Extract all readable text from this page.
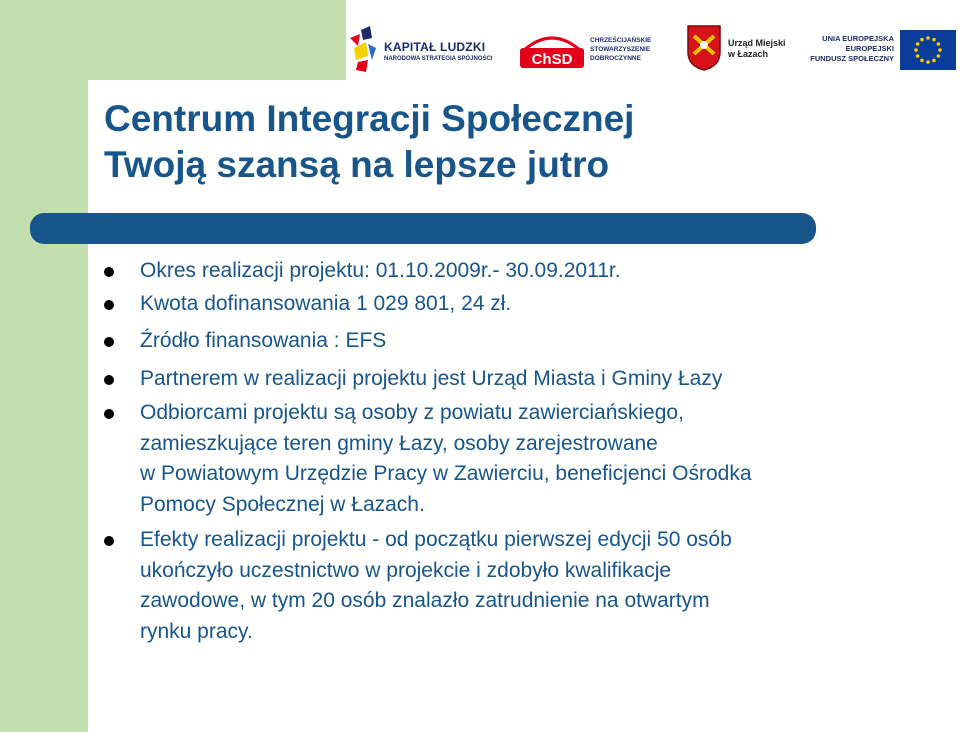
KAPITAŁ LUDZKI
NARODOWA STRATEGIA SPÓJNOŚCI	ChSD
CHRZEŚCIJAŃSKIE
STOWARZYSZENIE
DOBROCZYNNE
Urząd Miejski
w Łazach
UNIA EUROPEJSKA
EUROPEJSKI
FUNDUSZ SPOŁECZNY
Centrum Integracji Społecznej
Twoją szansą na lepsze jutro
Okres realizacji projektu: 01.10.2009r.- 30.09.2011r.
Kwota dofinansowania 1 029 801, 24 zł.
Źródło finansowania : EFS
Partnerem w realizacji projektu jest Urząd Miasta i Gminy Łazy
Odbiorcami projektu są osoby z powiatu zawierciańskiego,
zamieszkujące teren gminy Łazy, osoby zarejestrowane
w Powiatowym Urzędzie Pracy w Zawierciu, beneficjenci Ośrodka
Pomocy Społecznej w Łazach.
Efekty realizacji projektu - od początku pierwszej edycji 50 osób
ukończyło uczestnictwo w projekcie i zdobyło kwalifikacje
zawodowe, w tym 20 osób znalazło zatrudnienie na otwartym
rynku pracy.
